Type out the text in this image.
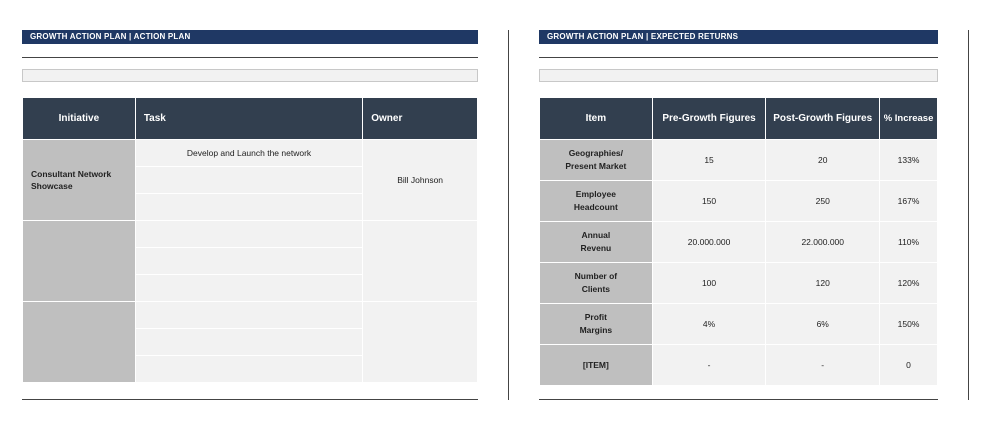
GROWTH ACTION PLAN | ACTION PLAN
Initiative	Task	Owner
Consultant Network Showcase	Develop and Launch the network	Bill Johnson

GROWTH ACTION PLAN | EXPECTED RETURNS
Item	Pre-Growth Figures	Post-Growth Figures	% Increase
Geographies/
Present Market	15	20	133%
Employee
Headcount	150	250	167%
Annual
Revenu	20.000.000	22.000.000	110%
Number of
Clients	100	120	120%
Profit
Margins	4%	6%	150%
[ITEM]	-	-	0
